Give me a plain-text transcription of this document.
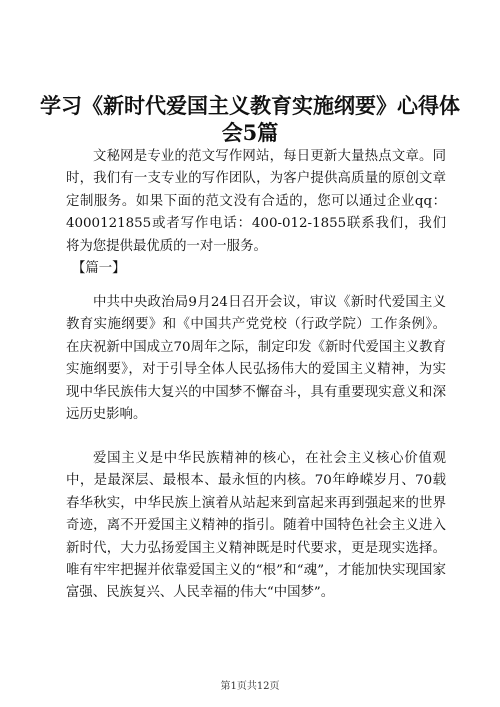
学习《新时代爱国主义教育实施纲要》心得体会5篇

文秘网是专业的范文写作网站，每日更新大量热点文章。同时，我们有一支专业的写作团队，为客户提供高质量的原创文章定制服务。如果下面的范文没有合适的，您可以通过企业qq：4000121855或者写作电话：400-012-1855联系我们，我们将为您提供最优质的一对一服务。

【篇一】

中共中央政治局9月24日召开会议，审议《新时代爱国主义教育实施纲要》和《中国共产党党校（行政学院）工作条例》。在庆祝新中国成立70周年之际，制定印发《新时代爱国主义教育实施纲要》，对于引导全体人民弘扬伟大的爱国主义精神，为实现中华民族伟大复兴的中国梦不懈奋斗，具有重要现实意义和深远历史影响。

爱国主义是中华民族精神的核心，在社会主义核心价值观中，是最深层、最根本、最永恒的内核。70年峥嵘岁月、70载春华秋实，中华民族上演着从站起来到富起来再到强起来的世界奇迹，离不开爱国主义精神的指引。随着中国特色社会主义进入新时代，大力弘扬爱国主义精神既是时代要求，更是现实选择。唯有牢牢把握并依靠爱国主义的“根”和“魂”，才能加快实现国家富强、民族复兴、人民幸福的伟大“中国梦”。

第1页共12页
